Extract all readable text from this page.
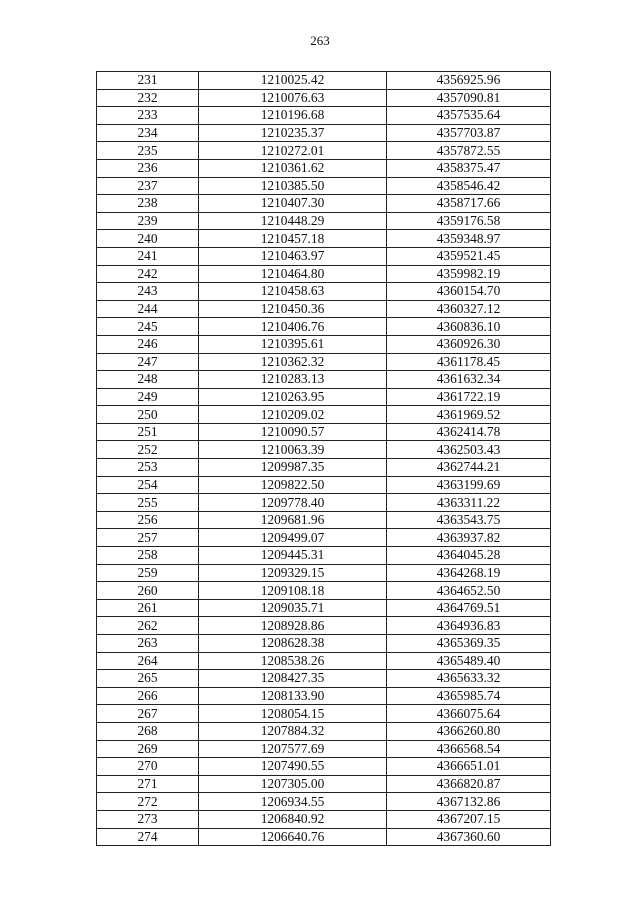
263
231	1210025.42	4356925.96
232	1210076.63	4357090.81
233	1210196.68	4357535.64
234	1210235.37	4357703.87
235	1210272.01	4357872.55
236	1210361.62	4358375.47
237	1210385.50	4358546.42
238	1210407.30	4358717.66
239	1210448.29	4359176.58
240	1210457.18	4359348.97
241	1210463.97	4359521.45
242	1210464.80	4359982.19
243	1210458.63	4360154.70
244	1210450.36	4360327.12
245	1210406.76	4360836.10
246	1210395.61	4360926.30
247	1210362.32	4361178.45
248	1210283.13	4361632.34
249	1210263.95	4361722.19
250	1210209.02	4361969.52
251	1210090.57	4362414.78
252	1210063.39	4362503.43
253	1209987.35	4362744.21
254	1209822.50	4363199.69
255	1209778.40	4363311.22
256	1209681.96	4363543.75
257	1209499.07	4363937.82
258	1209445.31	4364045.28
259	1209329.15	4364268.19
260	1209108.18	4364652.50
261	1209035.71	4364769.51
262	1208928.86	4364936.83
263	1208628.38	4365369.35
264	1208538.26	4365489.40
265	1208427.35	4365633.32
266	1208133.90	4365985.74
267	1208054.15	4366075.64
268	1207884.32	4366260.80
269	1207577.69	4366568.54
270	1207490.55	4366651.01
271	1207305.00	4366820.87
272	1206934.55	4367132.86
273	1206840.92	4367207.15
274	1206640.76	4367360.60
